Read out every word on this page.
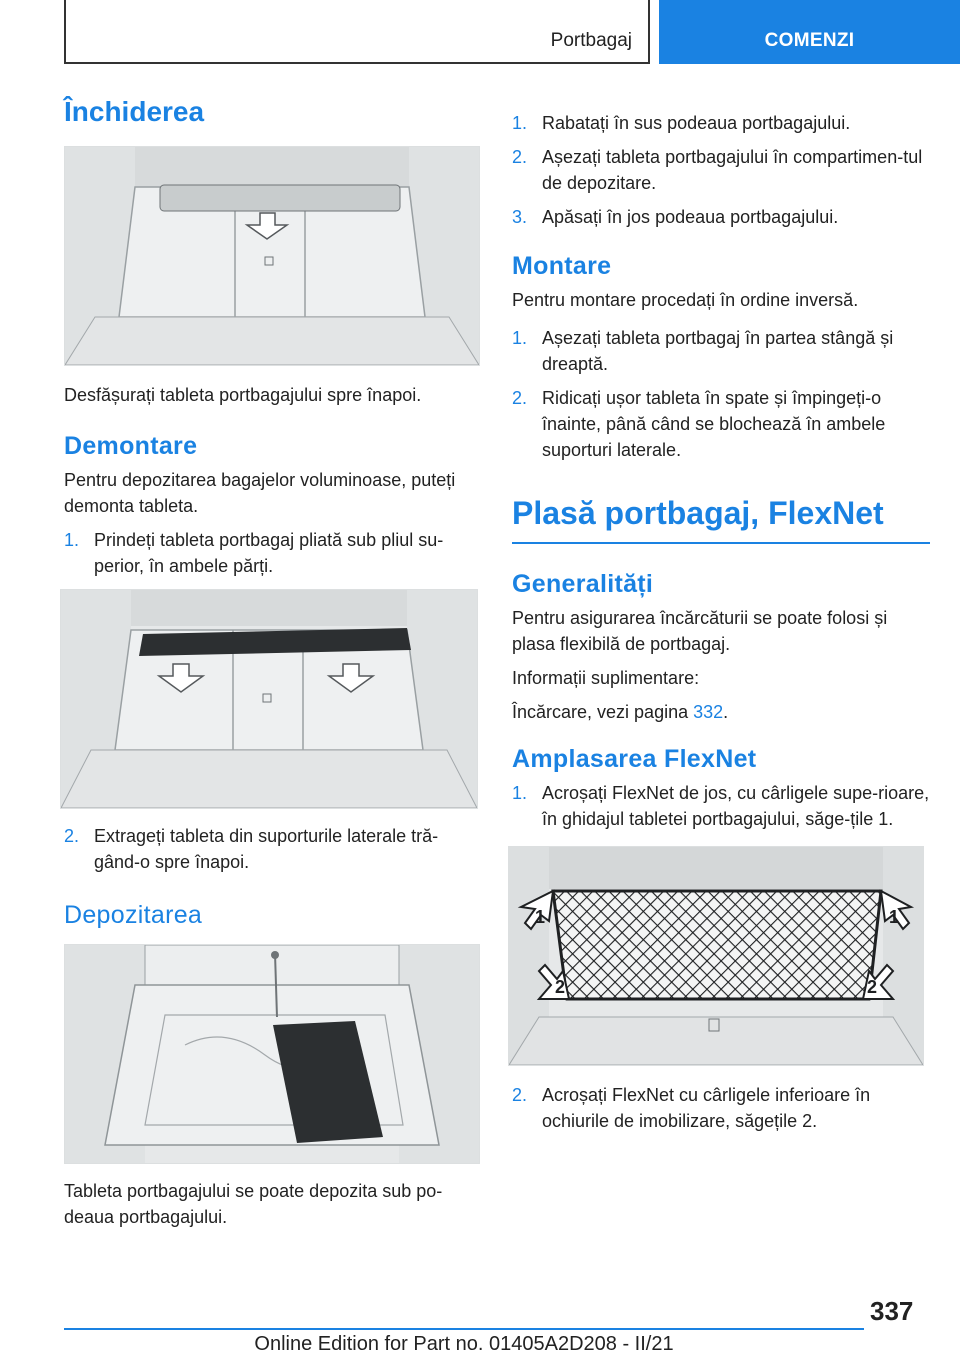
Portbagaj	COMENZI
Închiderea

Desfășurați tableta portbagajului spre înapoi.

Demontare

Pentru depozitarea bagajelor voluminoase, puteți demonta tableta.

1. Prindeți tableta portbagaj pliată sub pliul su-perior, în ambele părți.
2. Extrageți tableta din suporturile laterale tră-gând-o spre înapoi.
Depozitarea

Tableta portbagajului se poate depozita sub po-deaua portbagajului.

1. Rabatați în sus podeaua portbagajului.
2. Așezați tableta portbagajului în compartimen-tul de depozitare.
3. Apăsați în jos podeaua portbagajului.
Montare

Pentru montare procedați în ordine inversă.

1. Așezați tableta portbagaj în partea stângă și dreaptă.
2. Ridicați ușor tableta în spate și împingeți-o înainte, până când se blochează în ambele suporturi laterale.
Plasă portbagaj, FlexNet
Generalități

Pentru asigurarea încărcăturii se poate folosi și plasa flexibilă de portbagaj.

Informații suplimentare:

Încărcare, vezi pagina 332.

Amplasarea FlexNet
1. Acroșați FlexNet de jos, cu cârligele supe-rioare, în ghidajul tabletei portbagajului, săge-țile 1.
1	1
2	2
2. Acroșați FlexNet cu cârligele inferioare în ochiurile de imobilizare, săgețile 2.
337
Online Edition for Part no. 01405A2D208 - II/21
